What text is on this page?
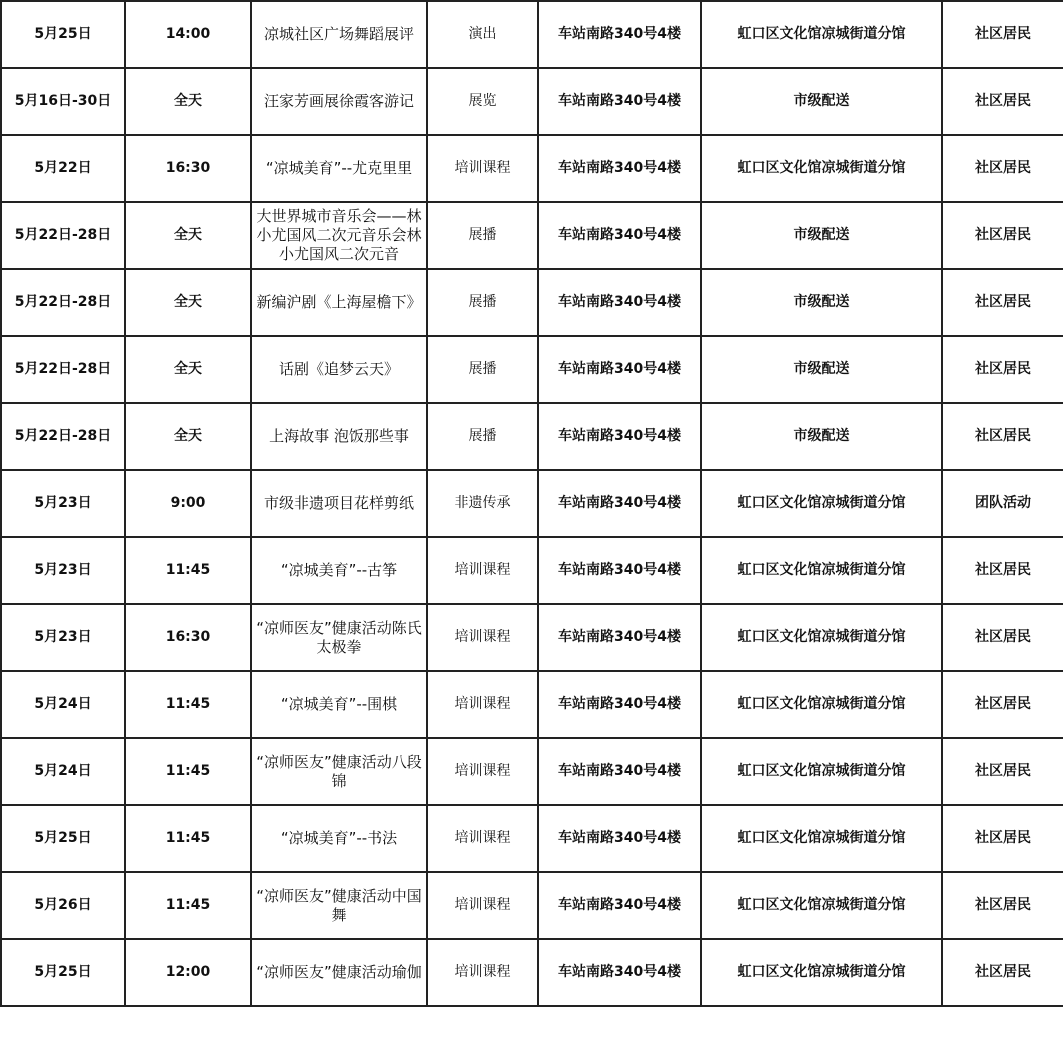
5月25日	14:00	凉城社区广场舞蹈展评	演出	车站南路340号4楼	虹口区文化馆凉城街道分馆	社区居民
5月16日-30日	全天	汪家芳画展徐霞客游记	展览	车站南路340号4楼	市级配送	社区居民
5月22日	16:30	“凉城美育”--尤克里里	培训课程	车站南路340号4楼	虹口区文化馆凉城街道分馆	社区居民
5月22日-28日	全天	大世界城市音乐会——林小尤国风二次元音乐会林小尤国风二次元音	展播	车站南路340号4楼	市级配送	社区居民
5月22日-28日	全天	新编沪剧《上海屋檐下》	展播	车站南路340号4楼	市级配送	社区居民
5月22日-28日	全天	话剧《追梦云天》	展播	车站南路340号4楼	市级配送	社区居民
5月22日-28日	全天	上海故事 泡饭那些事	展播	车站南路340号4楼	市级配送	社区居民
5月23日	9:00	市级非遗项目花样剪纸	非遗传承	车站南路340号4楼	虹口区文化馆凉城街道分馆	团队活动
5月23日	11:45	“凉城美育”--古筝	培训课程	车站南路340号4楼	虹口区文化馆凉城街道分馆	社区居民
5月23日	16:30	“凉师医友”健康活动陈氏太极拳	培训课程	车站南路340号4楼	虹口区文化馆凉城街道分馆	社区居民
5月24日	11:45	“凉城美育”--围棋	培训课程	车站南路340号4楼	虹口区文化馆凉城街道分馆	社区居民
5月24日	11:45	“凉师医友”健康活动八段锦	培训课程	车站南路340号4楼	虹口区文化馆凉城街道分馆	社区居民
5月25日	11:45	“凉城美育”--书法	培训课程	车站南路340号4楼	虹口区文化馆凉城街道分馆	社区居民
5月26日	11:45	“凉师医友”健康活动中国舞	培训课程	车站南路340号4楼	虹口区文化馆凉城街道分馆	社区居民
5月25日	12:00	“凉师医友”健康活动瑜伽	培训课程	车站南路340号4楼	虹口区文化馆凉城街道分馆	社区居民
